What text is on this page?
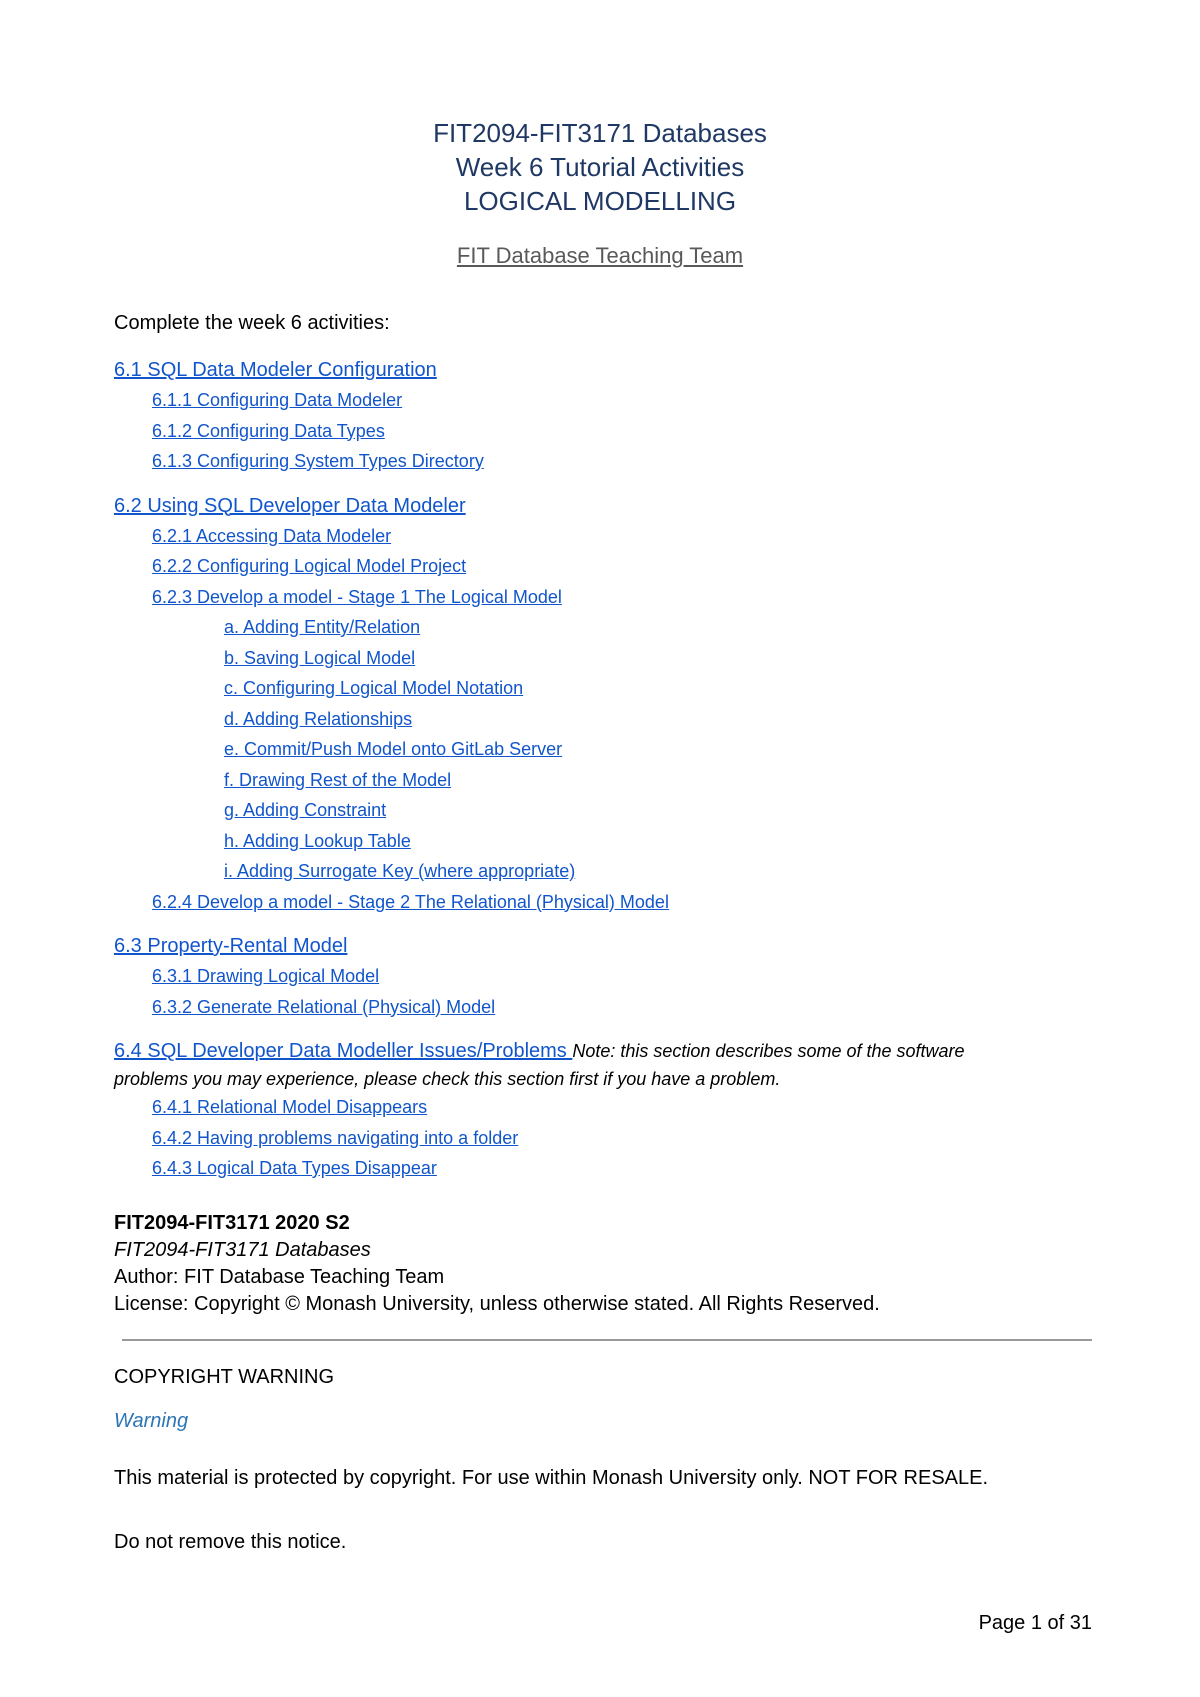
FIT2094-FIT3171 Databases
Week 6 Tutorial Activities
LOGICAL MODELLING
FIT Database Teaching Team
Complete the week 6 activities:
6.1 SQL Data Modeler Configuration
6.1.1 Configuring Data Modeler
6.1.2 Configuring Data Types
6.1.3 Configuring System Types Directory
6.2 Using SQL Developer Data Modeler
6.2.1 Accessing Data Modeler
6.2.2 Configuring Logical Model Project
6.2.3 Develop a model - Stage 1 The Logical Model
a. Adding Entity/Relation
b. Saving Logical Model
c. Configuring Logical Model Notation
d. Adding Relationships
e. Commit/Push Model onto GitLab Server
f. Drawing Rest of the Model
g. Adding Constraint
h. Adding Lookup Table
i. Adding Surrogate Key (where appropriate)
6.2.4 Develop a model - Stage 2 The Relational (Physical) Model
6.3 Property-Rental Model
6.3.1 Drawing Logical Model
6.3.2 Generate Relational (Physical) Model
6.4 SQL Developer Data Modeller Issues/Problems Note: this section describes some of the software
problems you may experience, please check this section first if you have a problem.
6.4.1 Relational Model Disappears
6.4.2 Having problems navigating into a folder
6.4.3 Logical Data Types Disappear
FIT2094-FIT3171 2020 S2
FIT2094-FIT3171 Databases
Author: FIT Database Teaching Team
License: Copyright © Monash University, unless otherwise stated. All Rights Reserved.
COPYRIGHT WARNING
Warning
This material is protected by copyright. For use within Monash University only. NOT FOR RESALE.
Do not remove this notice.
Page 1 of 31
